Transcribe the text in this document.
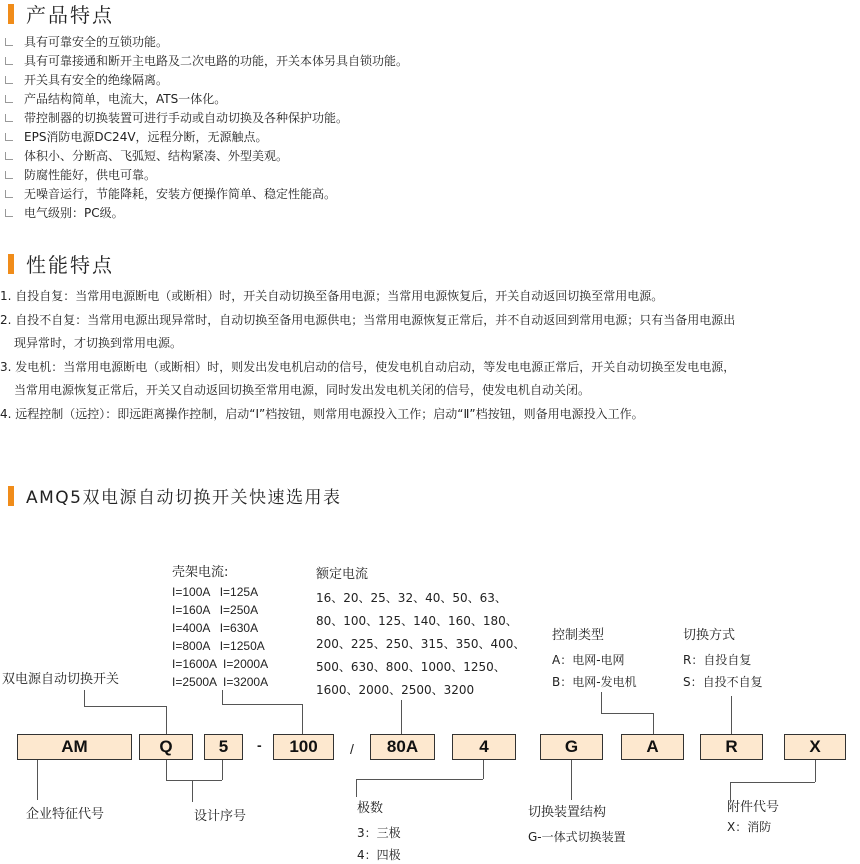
产品特点
具有可靠安全的互锁功能。
具有可靠接通和断开主电路及二次电路的功能，开关本体另具自锁功能。
开关具有安全的绝缘隔离。
产品结构简单，电流大，ATS一体化。
带控制器的切换装置可进行手动或自动切换及各种保护功能。
EPS消防电源DC24V，远程分断，无源触点。
体积小、分断高、飞弧短、结构紧凑、外型美观。
防腐性能好，供电可靠。
无噪音运行，节能降耗，安装方便操作简单、稳定性能高。
电气级别：PC级。
性能特点
1. 自投自复：当常用电源断电（或断相）时，开关自动切换至备用电源；当常用电源恢复后，开关自动返回切换至常用电源。
2. 自投不自复：当常用电源出现异常时，自动切换至备用电源供电；当常用电源恢复正常后，并不自动返回到常用电源；只有当备用电源出
现异常时，才切换到常用电源。
3. 发电机：当常用电源断电（或断相）时，则发出发电机启动的信号，使发电机自动启动，等发电电源正常后，开关自动切换至发电电源，
当常用电源恢复正常后，开关又自动返回切换至常用电源，同时发出发电机关闭的信号，使发电机自动关闭。
4. 远程控制（远控）：即远距离操作控制，启动“Ⅰ”档按钮，则常用电源投入工作；启动“Ⅱ”档按钮，则备用电源投入工作。
AMQ5双电源自动切换开关快速选用表
壳架电流:
I=100A   I=125A
I=160A   I=250A
I=400A   I=630A
I=800A   I=1250A
I=1600A  I=2000A
I=2500A  I=3200A
额定电流
16、20、25、32、40、50、63、
80、100、125、140、160、180、
200、225、250、315、350、400、
500、630、800、1000、1250、
1600、2000、2500、3200
控制类型
A：电网-电网
B：电网-发电机
切换方式
R：自投自复
S：自投不自复
双电源自动切换开关
AM	Q	5	-	100	/	80A	4	G	A	R	X
企业特征代号	设计序号
极数
3：三极
4：四极
切换装置结构
G-一体式切换装置
附件代号
X：消防
